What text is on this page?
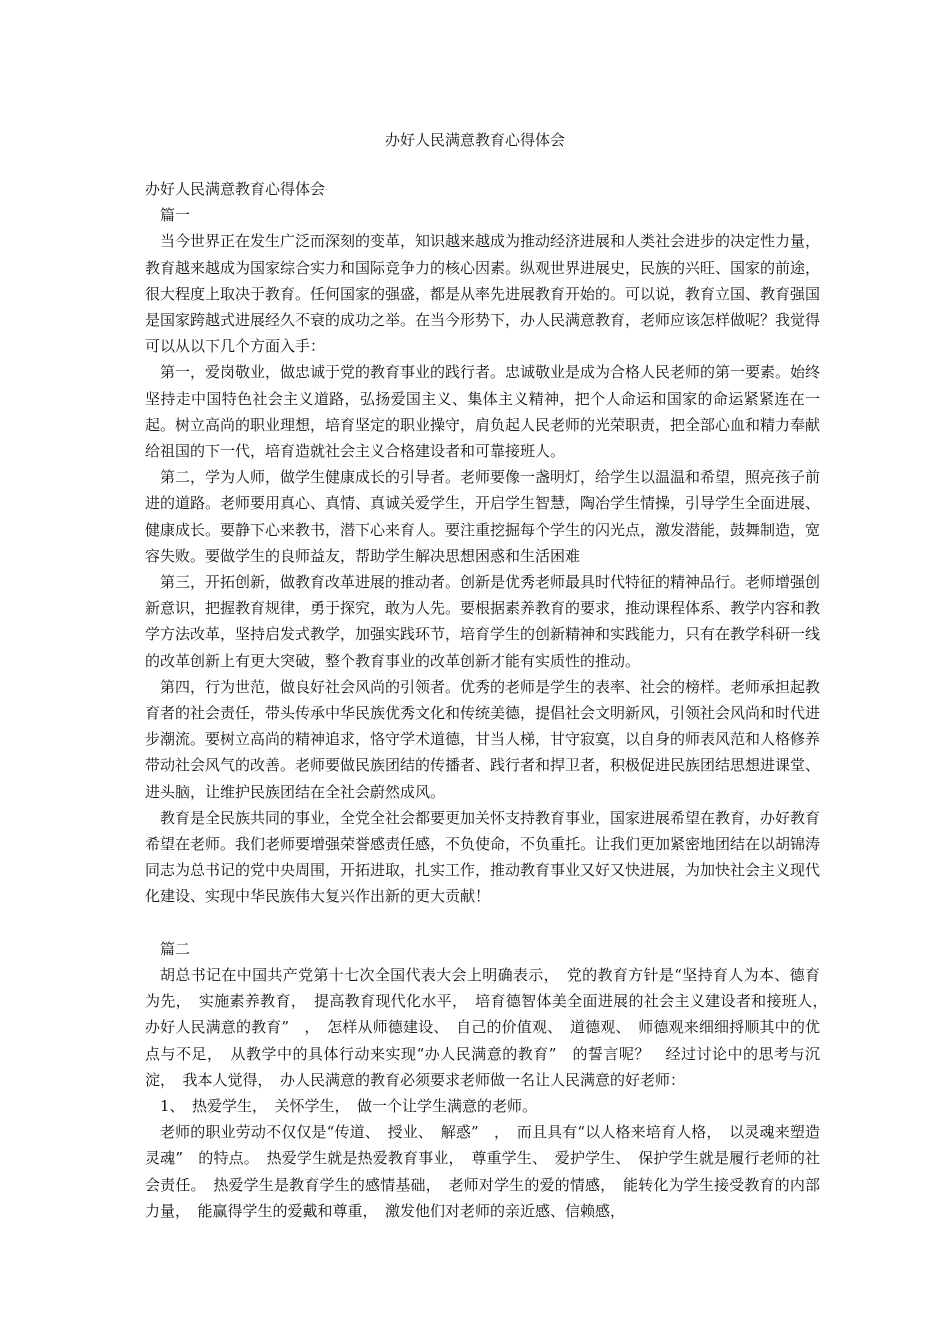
办好人民满意教育心得体会

办好人民满意教育心得体会

篇一

当今世界正在发生广泛而深刻的变革，知识越来越成为推动经济进展和人类社会进步的决定性力量，教育越来越成为国家综合实力和国际竞争力的核心因素。纵观世界进展史，民族的兴旺、国家的前途，很大程度上取决于教育。任何国家的强盛，都是从率先进展教育开始的。可以说，教育立国、教育强国是国家跨越式进展经久不衰的成功之举。在当今形势下，办人民满意教育，老师应该怎样做呢？我觉得可以从以下几个方面入手：

第一，爱岗敬业，做忠诚于党的教育事业的践行者。忠诚敬业是成为合格人民老师的第一要素。始终坚持走中国特色社会主义道路，弘扬爱国主义、集体主义精神，把个人命运和国家的命运紧紧连在一起。树立高尚的职业理想，培育坚定的职业操守，肩负起人民老师的光荣职责，把全部心血和精力奉献给祖国的下一代，培育造就社会主义合格建设者和可靠接班人。

第二，学为人师，做学生健康成长的引导者。老师要像一盏明灯，给学生以温温和希望，照亮孩子前进的道路。老师要用真心、真情、真诚关爱学生，开启学生智慧，陶冶学生情操，引导学生全面进展、健康成长。要静下心来教书，潜下心来育人。要注重挖掘每个学生的闪光点，激发潜能，鼓舞制造，宽容失败。要做学生的良师益友，帮助学生解决思想困惑和生活困难

第三，开拓创新，做教育改革进展的推动者。创新是优秀老师最具时代特征的精神品行。老师增强创新意识，把握教育规律，勇于探究，敢为人先。要根据素养教育的要求，推动课程体系、教学内容和教学方法改革，坚持启发式教学，加强实践环节，培育学生的创新精神和实践能力，只有在教学科研一线的改革创新上有更大突破，整个教育事业的改革创新才能有实质性的推动。

第四，行为世范，做良好社会风尚的引领者。优秀的老师是学生的表率、社会的榜样。老师承担起教育者的社会责任，带头传承中华民族优秀文化和传统美德，提倡社会文明新风，引领社会风尚和时代进步潮流。要树立高尚的精神追求，恪守学术道德，甘当人梯，甘守寂寞，以自身的师表风范和人格修养带动社会风气的改善。老师要做民族团结的传播者、践行者和捍卫者，积极促进民族团结思想进课堂、进头脑，让维护民族团结在全社会蔚然成风。

教育是全民族共同的事业，全党全社会都要更加关怀支持教育事业，国家进展希望在教育，办好教育希望在老师。我们老师要增强荣誉感责任感，不负使命，不负重托。让我们更加紧密地团结在以胡锦涛同志为总书记的党中央周围，开拓进取，扎实工作，推动教育事业又好又快进展，为加快社会主义现代化建设、实现中华民族伟大复兴作出新的更大贡献！

篇二

胡总书记在中国共产党第十七次全国代表大会上明确表示，　党的教育方针是“坚持育人为本、德育为先，　实施素养教育，　提高教育现代化水平，　培育德智体美全面进展的社会主义建设者和接班人，　办好人民满意的教育”　，　怎样从师德建设、　自己的价值观、　道德观、　师德观来细细捋顺其中的优点与不足，　从教学中的具体行动来实现“办人民满意的教育”　的誓言呢？　经过讨论中的思考与沉淀，　我本人觉得，　办人民满意的教育必须要求老师做一名让人民满意的好老师：

1、　热爱学生，　关怀学生，　做一个让学生满意的老师。

老师的职业劳动不仅仅是“传道、　授业、　解惑”　，　而且具有“以人格来培育人格，　以灵魂来塑造灵魂”　的特点。　热爱学生就是热爱教育事业，　尊重学生、　爱护学生、　保护学生就是履行老师的社会责任。　热爱学生是教育学生的感情基础，　老师对学生的爱的情感，　能转化为学生接受教育的内部力量，　能赢得学生的爱戴和尊重，　激发他们对老师的亲近感、信赖感，
